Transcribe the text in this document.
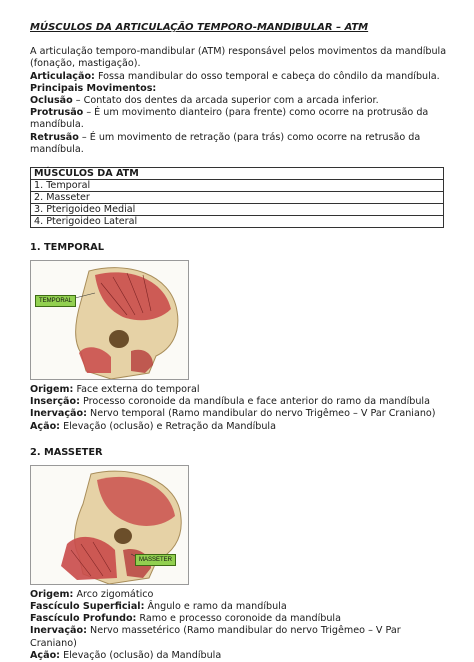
MÚSCULOS DA ARTICULAÇÃO TEMPORO-MANDIBULAR – ATM

A articulação temporo-mandibular (ATM) responsável pelos movimentos da mandíbula (fonação, mastigação).

Articulação: Fossa mandibular do osso temporal e cabeça do côndilo da mandíbula.

Principais Movimentos:

Oclusão – Contato dos dentes da arcada superior com a arcada inferior.

Protrusão – É um movimento dianteiro (para frente) como ocorre na protrusão da mandíbula.

Retrusão – É um movimento de retração (para trás) como ocorre na retrusão da mandíbula.

MÚSCULOS DA ATM
1. Temporal
2. Masseter
3. Pterigoideo Medial
4. Pterigoideo Lateral
1. TEMPORAL
TEMPORAL

Origem: Face externa do temporal

Inserção: Processo coronoide da mandíbula e face anterior do ramo da mandíbula

Inervação: Nervo temporal (Ramo mandibular do nervo Trigêmeo – V Par Craniano)

Ação: Elevação (oclusão) e Retração da Mandíbula

2. MASSETER
MASSETER

Origem: Arco zigomático

Fascículo Superficial: Ângulo e ramo da mandíbula

Fascículo Profundo: Ramo e processo coronoide da mandíbula

Inervação: Nervo massetérico (Ramo mandibular do nervo Trigêmeo – V Par Craniano)

Ação: Elevação (oclusão) da Mandíbula
